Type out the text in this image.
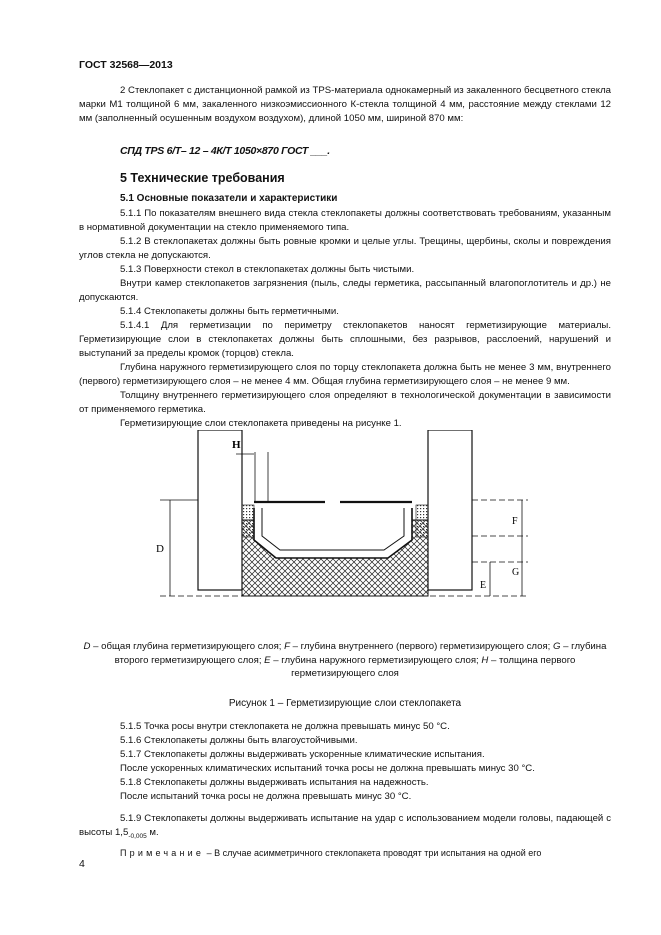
ГОСТ 32568—2013

2 Стеклопакет с дистанционной рамкой из TPS-материала однокамерный из закаленного бесцветного стекла марки М1 толщиной 6 мм, закаленного низкоэмиссионного К-стекла толщиной 4 мм, расстояние между стеклами 12 мм (заполненный осушенным воздухом воздухом), длиной 1050 мм, шириной 870 мм:

СПД TPS 6/Т– 12 – 4К/Т 1050×870 ГОСТ ___.
5 Технические требования
5.1 Основные показатели и характеристики

5.1.1 По показателям внешнего вида стекла стеклопакеты должны соответствовать требованиям, указанным в нормативной документации на стекло применяемого типа.

5.1.2 В стеклопакетах должны быть ровные кромки и целые углы. Трещины, щербины, сколы и повреждения углов стекла не допускаются.

5.1.3 Поверхности стекол в стеклопакетах должны быть чистыми.

Внутри камер стеклопакетов загрязнения (пыль, следы герметика, рассыпанный влагопоглотитель и др.) не допускаются.

5.1.4 Стеклопакеты должны быть герметичными.

5.1.4.1 Для герметизации по периметру стеклопакетов наносят герметизирующие материалы. Герметизирующие слои в стеклопакетах должны быть сплошными, без разрывов, расслоений, нарушений и выступаний за пределы кромок (торцов) стекла.

Глубина наружного герметизирующего слоя по торцу стеклопакета должна быть не менее 3 мм, внутреннего (первого) герметизирующего слоя – не менее 4 мм. Общая глубина герметизирующего слоя – не менее 9 мм.

Толщину внутреннего герметизирующего слоя определяют в технологической документации в зависимости от применяемого герметика.

Герметизирующие слои стеклопакета приведены на рисунке 1.

H
D
F
G
E
D – общая глубина герметизирующего слоя; F – глубина внутреннего (первого) герметизирующего слоя; G – глубина второго герметизирующего слоя; E – глубина наружного герметизирующего слоя; H – толщина первого герметизирующего слоя
Рисунок 1 – Герметизирующие слои стеклопакета

5.1.5 Точка росы внутри стеклопакета не должна превышать минус 50 °С.

5.1.6 Стеклопакеты должны быть влагоустойчивыми.

5.1.7 Стеклопакеты должны выдерживать ускоренные климатические испытания.

После ускоренных климатических испытаний точка росы не должна превышать минус 30 °С.

5.1.8 Стеклопакеты должны выдерживать испытания на надежность.

После испытаний точка росы не должна превышать минус 30 °С.

5.1.9 Стеклопакеты должны выдерживать испытание на удар с использованием модели головы, падающей с высоты $1,5_{-0,005}$ м.

Примечание – В случае асимметричного стеклопакета проводят три испытания на одной его

4
